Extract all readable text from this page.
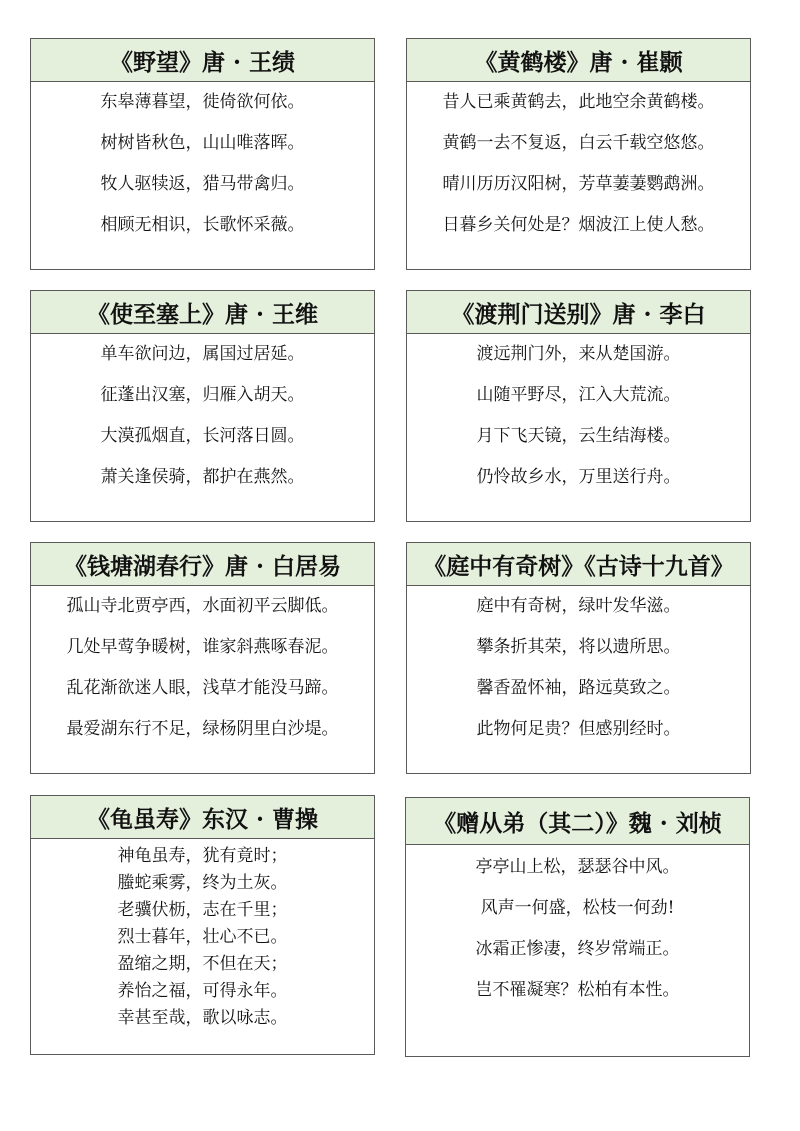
《野望》唐 · 王绩
东皋薄暮望，徙倚欲何依。
树树皆秋色，山山唯落晖。
牧人驱犊返，猎马带禽归。
相顾无相识，长歌怀采薇。
《黄鹤楼》唐 · 崔颢
昔人已乘黄鹤去，此地空余黄鹤楼。
黄鹤一去不复返，白云千载空悠悠。
晴川历历汉阳树，芳草萋萋鹦鹉洲。
日暮乡关何处是？烟波江上使人愁。
《使至塞上》唐 · 王维
单车欲问边，属国过居延。
征蓬出汉塞，归雁入胡天。
大漠孤烟直，长河落日圆。
萧关逢侯骑，都护在燕然。
《渡荆门送别》唐 · 李白
渡远荆门外，来从楚国游。
山随平野尽，江入大荒流。
月下飞天镜，云生结海楼。
仍怜故乡水，万里送行舟。
《钱塘湖春行》唐 · 白居易
孤山寺北贾亭西，水面初平云脚低。
几处早莺争暖树，谁家斜燕啄春泥。
乱花渐欲迷人眼，浅草才能没马蹄。
最爱湖东行不足，绿杨阴里白沙堤。
《庭中有奇树》《古诗十九首》
庭中有奇树，绿叶发华滋。
攀条折其荣，将以遗所思。
馨香盈怀袖，路远莫致之。
此物何足贵？但感别经时。
《龟虽寿》东汉 · 曹操
神龟虽寿，犹有竟时；
螣蛇乘雾，终为土灰。
老骥伏枥，志在千里；
烈士暮年，壮心不已。
盈缩之期，不但在天；
养怡之福，可得永年。
幸甚至哉，歌以咏志。
《赠从弟（其二）》魏 · 刘桢
亭亭山上松，瑟瑟谷中风。
风声一何盛，松枝一何劲!
冰霜正惨凄，终岁常端正。
岂不罹凝寒？松柏有本性。
